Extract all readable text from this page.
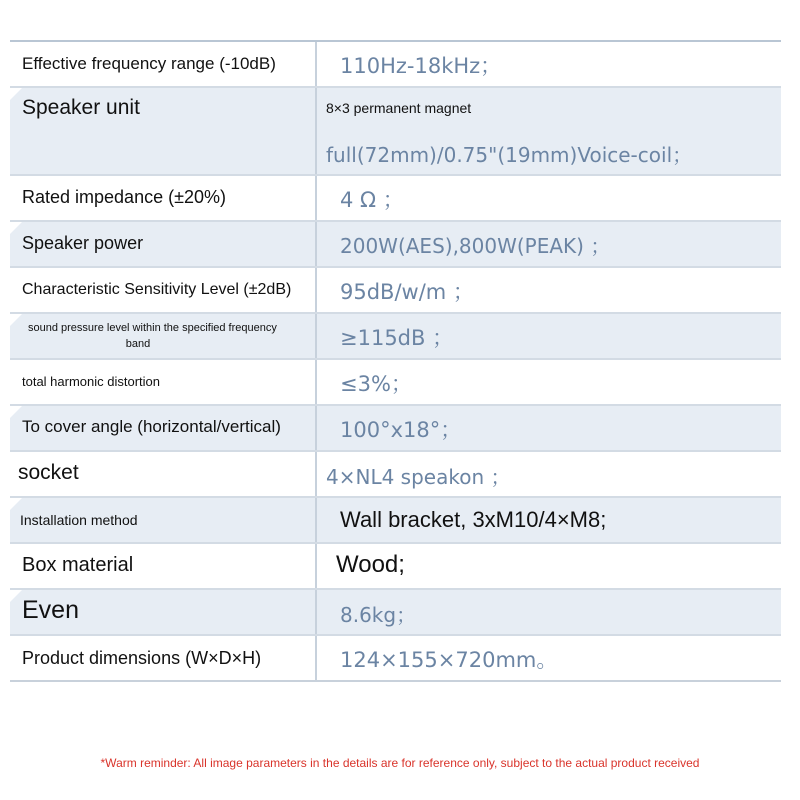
Effective frequency range (-10dB)	110Hz-18kHz；
Speaker unit	8×3 permanent magnet
full(72mm)/0.75"(19mm)Voice-coil；
Rated impedance (±20%)	4 Ω ；
Speaker power	200W(AES),800W(PEAK) ；
Characteristic Sensitivity Level (±2dB) 95dB/w/m ；
sound pressure level within the specified frequency
band	≥115dB ；
total harmonic distortion	≤3%；
To cover angle (horizontal/vertical)	100°x18°；
socket	4×NL4 speakon ；
Installation method	Wall bracket, 3xM10/4×M8;
Box material	Wood;
Even	8.6kg；
Product dimensions (W×D×H)	124×155×720mm。
*Warm reminder: All image parameters in the details are for reference only, subject to the actual product received
